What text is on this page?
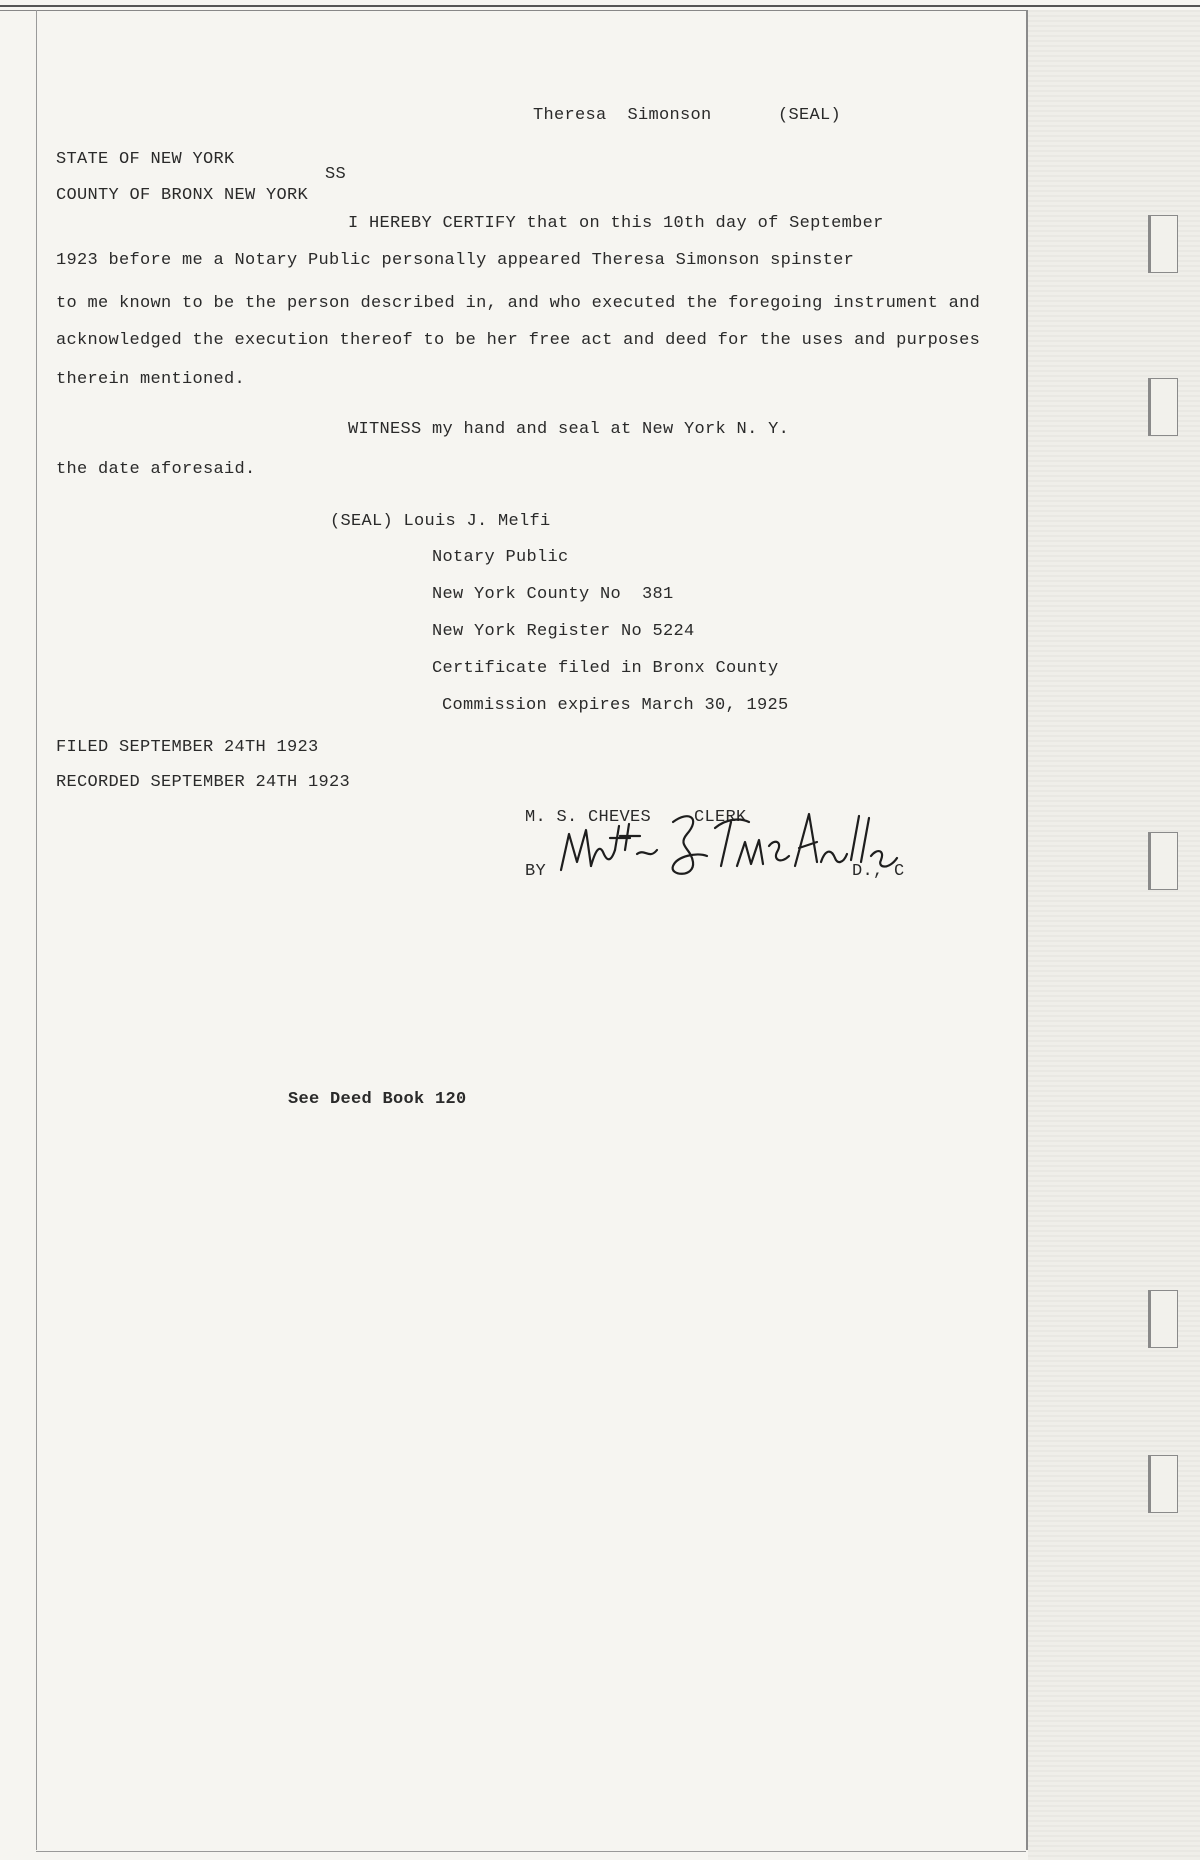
Theresa  Simonson	(SEAL)
STATE OF NEW YORK
SS
COUNTY OF BRONX NEW YORK
I HEREBY CERTIFY that on this 10th day of September
1923 before me a Notary Public personally appeared Theresa Simonson spinster
to me known to be the person described in, and who executed the foregoing instrument and
acknowledged the execution thereof to be her free act and deed for the uses and purposes
therein mentioned.
WITNESS my hand and seal at New York N. Y.
the date aforesaid.
(SEAL) Louis J. Melfi
Notary Public
New York County No  381
New York Register No 5224
Certificate filed in Bronx County
Commission expires March 30, 1925
FILED SEPTEMBER 24TH 1923
RECORDED SEPTEMBER 24TH 1923
M. S. CHEVES	CLERK
BY	D., C
See Deed Book 120
